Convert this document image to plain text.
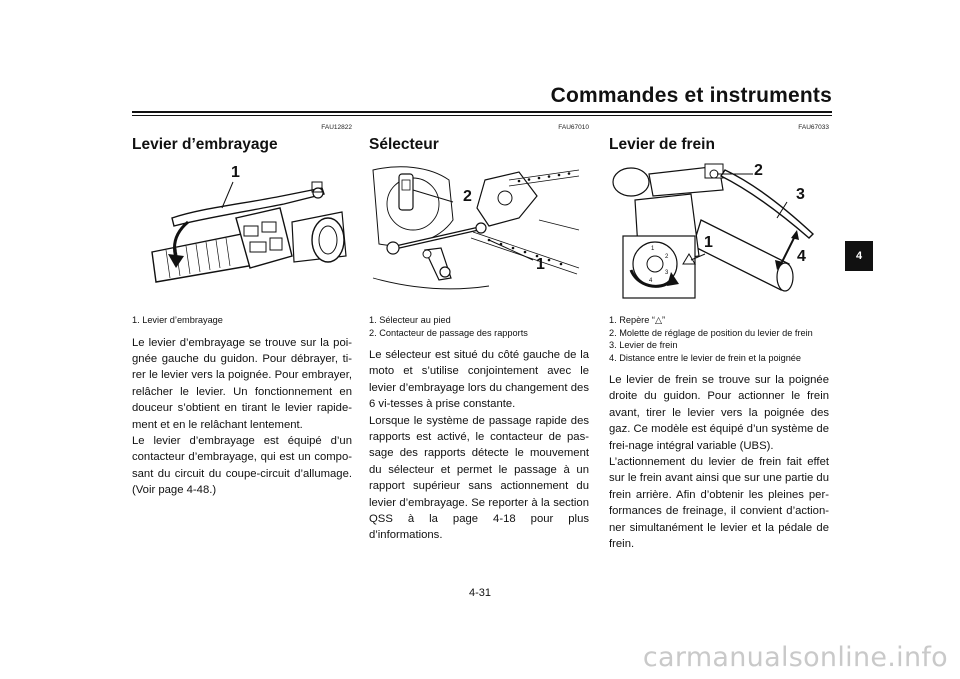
Commandes et instruments
4
FAU12822
Levier d’embrayage
1
1. Levier d’embrayage

Le levier d’embrayage se trouve sur la poi-gnée gauche du guidon. Pour débrayer, ti-rer le levier vers la poignée. Pour embrayer, relâcher le levier. Un fonctionnement en douceur s’obtient en tirant le levier rapide-ment et en le relâchant lentement.

Le levier d’embrayage est équipé d’un contacteur d’embrayage, qui est un compo-sant du circuit du coupe-circuit d’allumage. (Voir page 4-48.)

FAU67010
Sélecteur
2
1
1. Sélecteur au pied
2. Contacteur de passage des rapports

Le sélecteur est situé du côté gauche de la moto et s’utilise conjointement avec le levier d’embrayage lors du changement des 6 vi-tesses à prise constante.

Lorsque le système de passage rapide des rapports est activé, le contacteur de pas-sage des rapports détecte le mouvement du sélecteur et permet le passage à un rapport supérieur sans actionnement du levier d’embrayage. Se reporter à la section QSS à la page 4-18 pour plus d’informations.

FAU67033
Levier de frein
1
2
3
4
2
3
1
4
1. Repère “△”
2. Molette de réglage de position du levier de frein
3. Levier de frein
4. Distance entre le levier de frein et la poignée

Le levier de frein se trouve sur la poignée droite du guidon. Pour actionner le frein avant, tirer le levier vers la poignée des gaz. Ce modèle est équipé d’un système de frei-nage intégral variable (UBS).

L’actionnement du levier de frein fait effet sur le frein avant ainsi que sur une partie du frein arrière. Afin d’obtenir les pleines per-formances de freinage, il convient d’action-ner simultanément le levier et la pédale de frein.

4-31
carmanualsonline.info
